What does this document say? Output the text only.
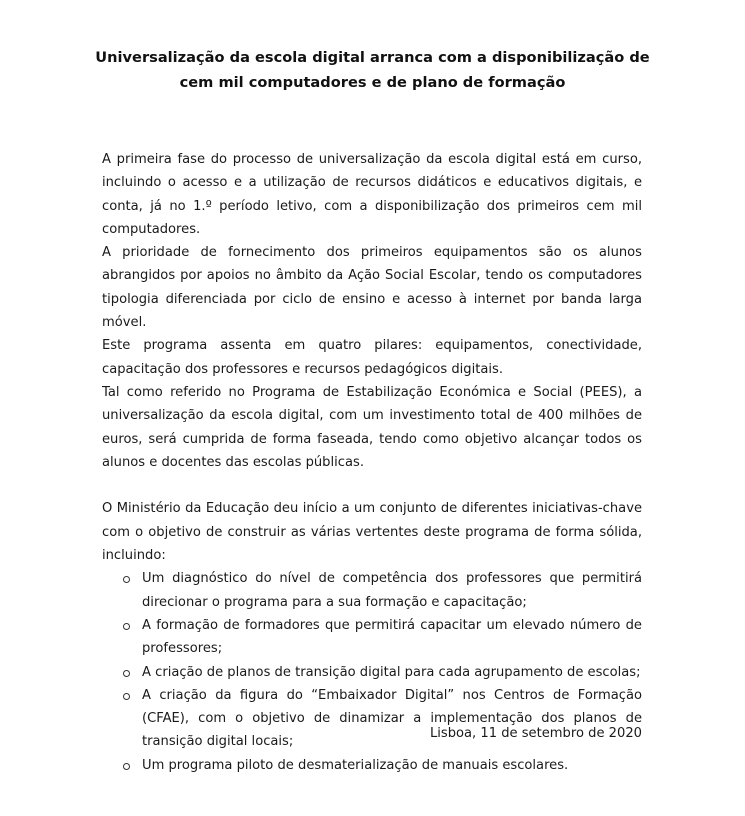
Universalização da escola digital arranca com a disponibilização de cem mil computadores e de plano de formação

A primeira fase do processo de universalização da escola digital está em curso, incluindo o acesso e a utilização de recursos didáticos e educativos digitais, e conta, já no 1.º período letivo, com a disponibilização dos primeiros cem mil computadores.

A prioridade de fornecimento dos primeiros equipamentos são os alunos abrangidos por apoios no âmbito da Ação Social Escolar, tendo os computadores tipologia diferenciada por ciclo de ensino e acesso à internet por banda larga móvel.

Este programa assenta em quatro pilares: equipamentos, conectividade, capacitação dos professores e recursos pedagógicos digitais.

Tal como referido no Programa de Estabilização Económica e Social (PEES), a universalização da escola digital, com um investimento total de 400 milhões de euros, será cumprida de forma faseada, tendo como objetivo alcançar todos os alunos e docentes das escolas públicas.

O Ministério da Educação deu início a um conjunto de diferentes iniciativas-chave com o objetivo de construir as várias vertentes deste programa de forma sólida, incluindo:

Um diagnóstico do nível de competência dos professores que permitirá direcionar o programa para a sua formação e capacitação;
A formação de formadores que permitirá capacitar um elevado número de professores;
A criação de planos de transição digital para cada agrupamento de escolas;
A criação da figura do “Embaixador Digital” nos Centros de Formação (CFAE), com o objetivo de dinamizar a implementação dos planos de transição digital locais;
Um programa piloto de desmaterialização de manuais escolares.
Lisboa, 11 de setembro de 2020
